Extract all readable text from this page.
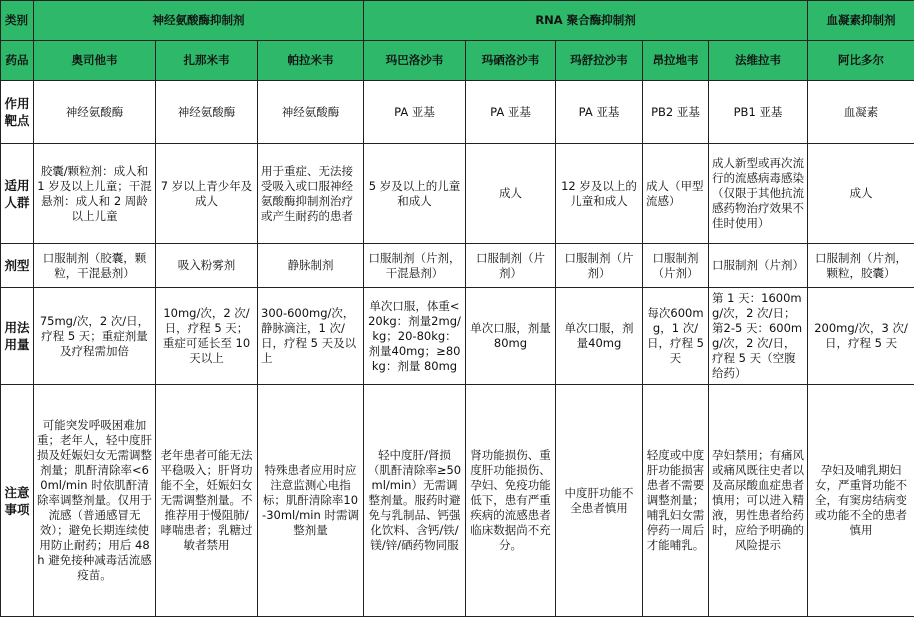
类别	神经氨酸酶抑制剂			RNA 聚合酶抑制剂					血凝素抑制剂
药品	奥司他韦	扎那米韦	帕拉米韦	玛巴洛沙韦	玛硒洛沙韦	玛舒拉沙韦	昂拉地韦	法维拉韦	阿比多尔
作用靶点	神经氨酸酶	神经氨酸酶	神经氨酸酶	PA 亚基	PA 亚基	PA 亚基	PB2 亚基	PB1 亚基	血凝素
适用人群	胶囊/颗粒剂：成人和 1 岁及以上儿童；干混悬剂：成人和 2 周龄以上儿童	7 岁以上青少年及成人	用于重症、无法接受吸入或口服神经氨酸酶抑制剂治疗或产生耐药的患者	5 岁及以上的儿童和成人	成人	12 岁及以上的儿童和成人	成人（甲型流感）	成人新型或再次流行的流感病毒感染（仅限于其他抗流感药物治疗效果不佳时使用）	成人
剂型	口服制剂（胶囊，颗粒，干混悬剂）	吸入粉雾剂	静脉制剂	口服制剂（片剂，干混悬剂）	口服制剂（片剂）	口服制剂（片剂）	口服制剂（片剂）	口服制剂（片剂）	口服制剂（片剂，颗粒，胶囊）
用法用量	75mg/次，2 次/日，疗程 5 天；重症剂量及疗程需加倍	10mg/次，2 次/日，疗程 5 天；重症可延长至 10 天以上	300-600mg/次，静脉滴注，1 次/日，疗程 5 天及以上	单次口服，体重<20kg：剂量2mg/kg；20-80kg：剂量40mg；≥80kg：剂量 80mg	单次口服，剂量 80mg	单次口服，剂量40mg	每次600mg，1 次/日，疗程 5 天	第 1 天：1600mg/次，2 次/日；第2-5 天：600mg/次，2 次/日，疗程 5 天（空腹给药）	200mg/次，3 次/日，疗程 5 天
注意事项	可能突发呼吸困难加重；老年人，轻中度肝损及妊娠妇女无需调整剂量；肌酐清除率<60ml/min 时依肌酐清除率调整剂量。仅用于流感（普通感冒无效）；避免长期连续使用防止耐药；用后 48h 避免接种减毒活流感疫苗。	老年患者可能无法平稳吸入；肝肾功能不全，妊娠妇女无需调整剂量。不推荐用于慢阻肺/哮喘患者；乳糖过敏者禁用	特殊患者应用时应注意监测心电指标；肌酐清除率10-30ml/min 时需调整剂量	轻中度肝/肾损（肌酐清除率≥50ml/min）无需调整剂量。服药时避免与乳制品、钙强化饮料、含钙/铁/镁/锌/硒药物同服	肾功能损伤、重度肝功能损伤、孕妇、免疫功能低下，患有严重疾病的流感患者临床数据尚不充分。	中度肝功能不全患者慎用	轻度或中度肝功能损害患者不需要调整剂量；哺乳妇女需停药一周后才能哺乳。	孕妇禁用；有痛风或痛风既往史者以及高尿酸血症患者慎用；可以进入精液，男性患者给药时，应给予明确的风险提示	孕妇及哺乳期妇女，严重肾功能不全，有窦房结病变或功能不全的患者慎用
